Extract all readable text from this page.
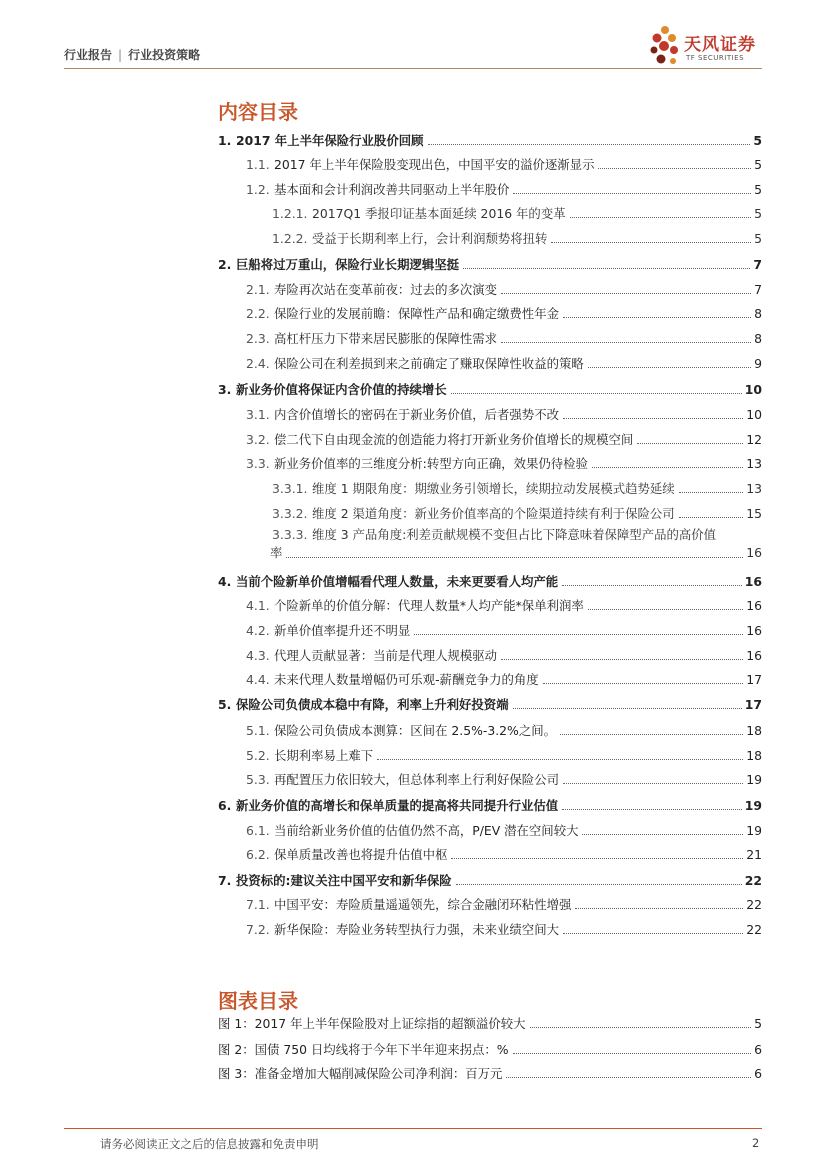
行业报告 | 行业投资策略	天风证券
TF SECURITIES
内容目录
1. 2017 年上半年保险行业股价回顾	5
1.1. 2017 年上半年保险股变现出色，中国平安的溢价逐渐显示	5
1.2. 基本面和会计利润改善共同驱动上半年股价	5
1.2.1. 2017Q1 季报印证基本面延续 2016 年的变革	5
1.2.2. 受益于长期利率上行，会计利润颓势将扭转	5
2. 巨船将过万重山，保险行业长期逻辑坚挺	7
2.1. 寿险再次站在变革前夜：过去的多次演变	7
2.2. 保险行业的发展前瞻：保障性产品和确定缴费性年金	8
2.3. 高杠杆压力下带来居民膨胀的保障性需求	8
2.4. 保险公司在利差损到来之前确定了赚取保障性收益的策略	9
3. 新业务价值将保证内含价值的持续增长	10
3.1. 内含价值增长的密码在于新业务价值，后者强势不改	10
3.2. 偿二代下自由现金流的创造能力将打开新业务价值增长的规模空间	12
3.3. 新业务价值率的三维度分析:转型方向正确，效果仍待检验	13
3.3.1. 维度 1 期限角度：期缴业务引领增长，续期拉动发展模式趋势延续	13
3.3.2. 维度 2 渠道角度：新业务价值率高的个险渠道持续有利于保险公司	15
3.3.3. 维度 3 产品角度:利差贡献规模不变但占比下降意味着保障型产品的高价值
率	16
4. 当前个险新单价值增幅看代理人数量，未来更要看人均产能	16
4.1. 个险新单的价值分解：代理人数量*人均产能*保单利润率	16
4.2. 新单价值率提升还不明显	16
4.3. 代理人贡献显著：当前是代理人规模驱动	16
4.4. 未来代理人数量增幅仍可乐观-薪酬竞争力的角度	17
5. 保险公司负债成本稳中有降，利率上升利好投资端	17
5.1. 保险公司负债成本测算：区间在 2.5%-3.2%之间。	18
5.2. 长期利率易上难下	18
5.3. 再配置压力依旧较大，但总体利率上行利好保险公司	19
6. 新业务价值的高增长和保单质量的提高将共同提升行业估值	19
6.1. 当前给新业务价值的估值仍然不高，P/EV 潜在空间较大	19
6.2. 保单质量改善也将提升估值中枢	21
7. 投资标的:建议关注中国平安和新华保险	22
7.1. 中国平安：寿险质量遥遥领先，综合金融闭环粘性增强	22
7.2. 新华保险：寿险业务转型执行力强，未来业绩空间大	22
图表目录
图 1：2017 年上半年保险股对上证综指的超额溢价较大	5
图 2：国债 750 日均线将于今年下半年迎来拐点：%	6
图 3：准备金增加大幅削减保险公司净利润：百万元	6
请务必阅读正文之后的信息披露和免责申明	2
